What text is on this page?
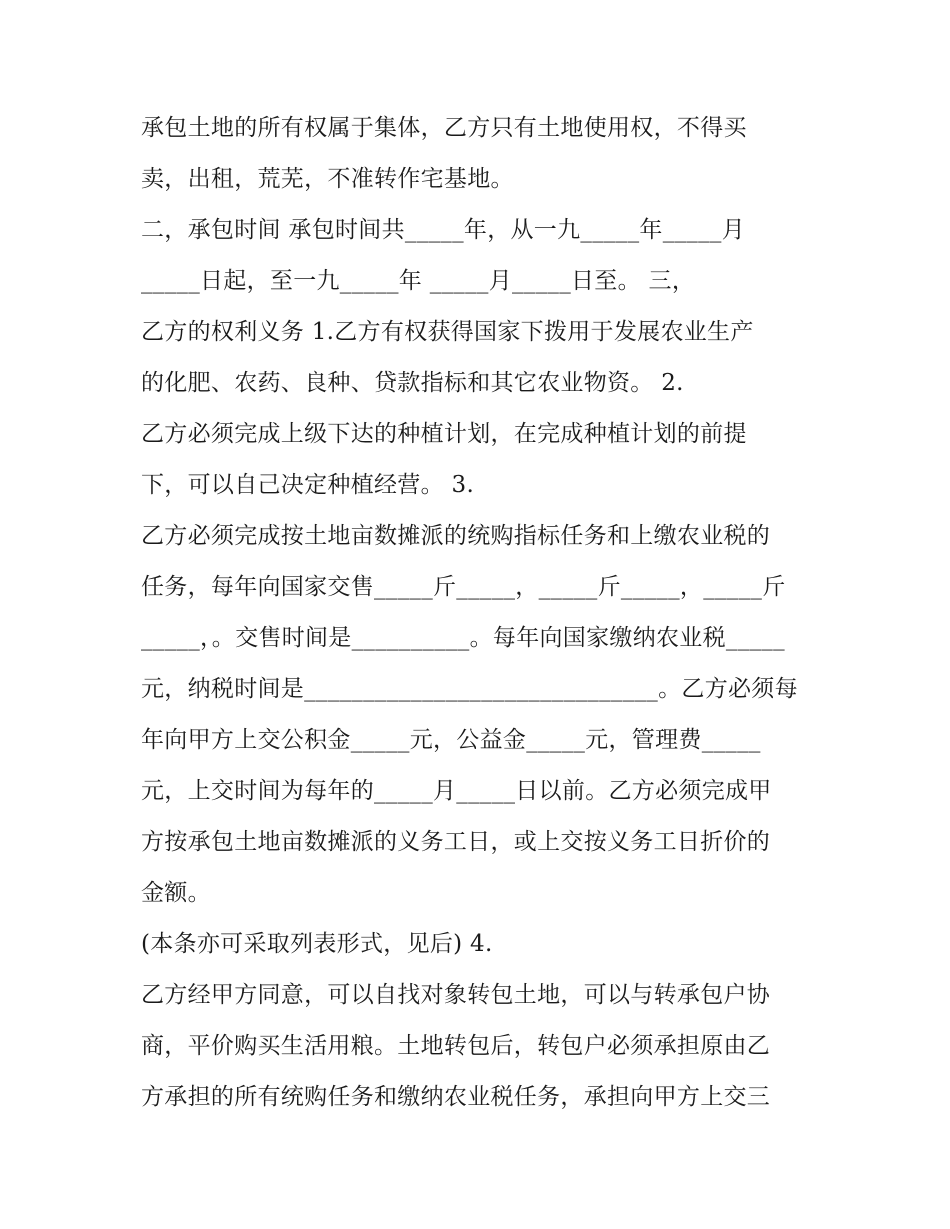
承包土地的所有权属于集体，乙方只有土地使用权，不得买
卖，出租，荒芜，不准转作宅基地。
二，承包时间 承包时间共_____年，从一九_____年_____月
_____日起，至一九_____年 _____月_____日至。 三，
乙方的权利义务 1.乙方有权获得国家下拨用于发展农业生产
的化肥、农药、良种、贷款指标和其它农业物资。 2.
乙方必须完成上级下达的种植计划，在完成种植计划的前提
下，可以自己决定种植经营。 3.
乙方必须完成按土地亩数摊派的统购指标任务和上缴农业税的
任务，每年向国家交售_____斤_____，_____斤_____，_____斤
_____，。交售时间是__________。每年向国家缴纳农业税_____
元，纳税时间是______________________________。乙方必须每
年向甲方上交公积金_____元，公益金_____元，管理费_____
元，上交时间为每年的_____月_____日以前。乙方必须完成甲
方按承包土地亩数摊派的义务工日，或上交按义务工日折价的
金额。
(本条亦可采取列表形式，见后) 4.
乙方经甲方同意，可以自找对象转包土地，可以与转承包户协
商，平价购买生活用粮。土地转包后，转包户必须承担原由乙
方承担的所有统购任务和缴纳农业税任务，承担向甲方上交三
